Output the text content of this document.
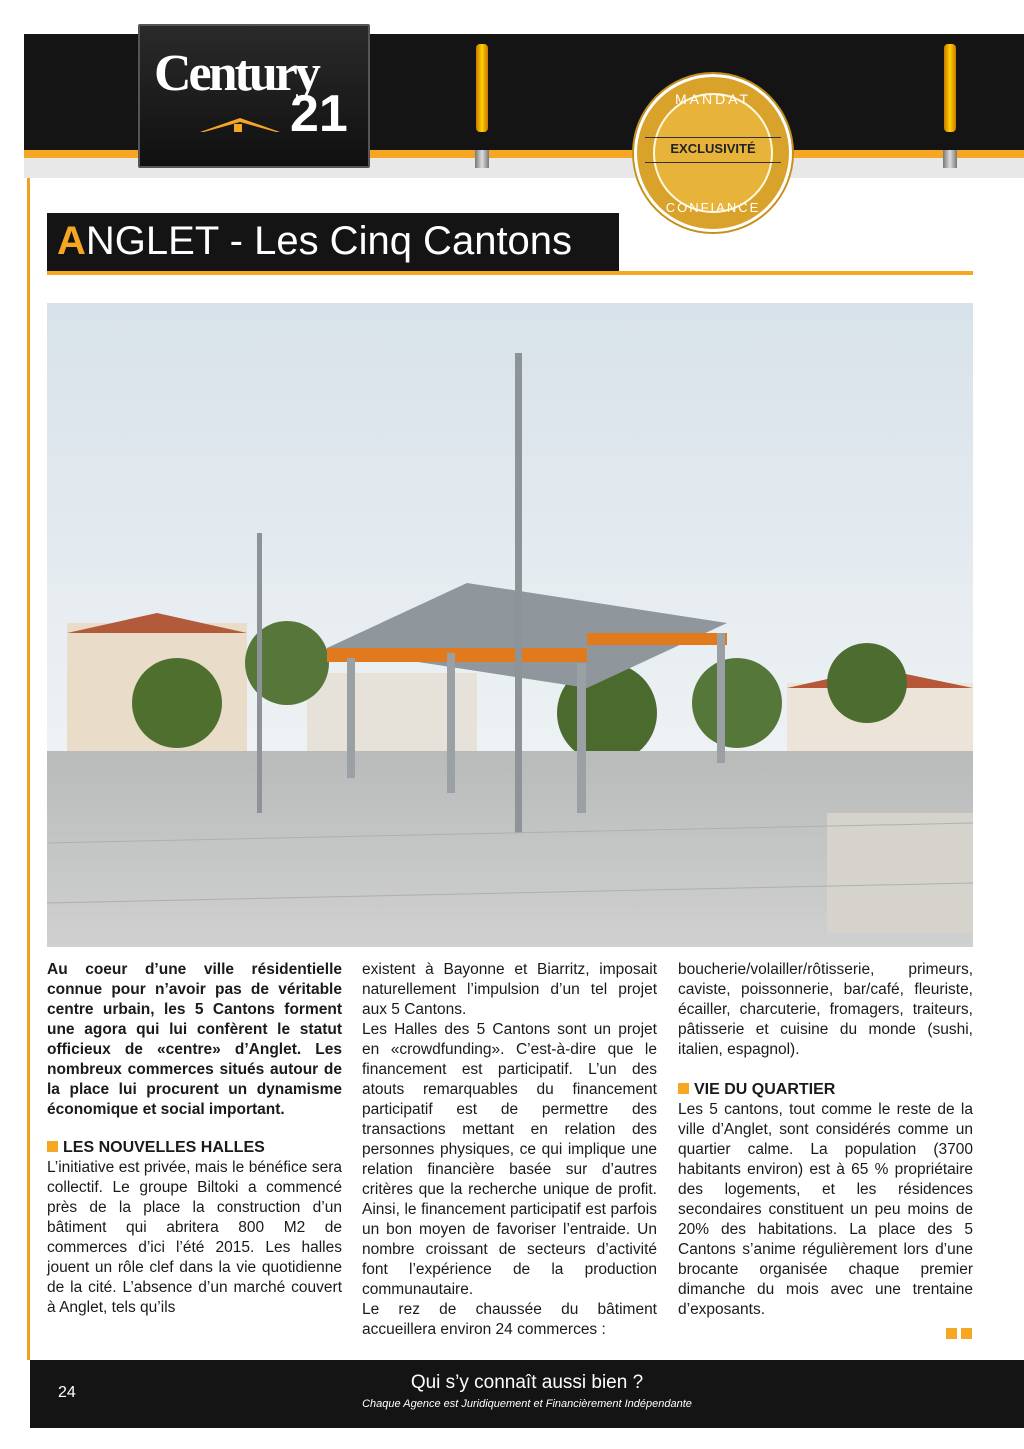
Century
21	MANDAT
EXCLUSIVITÉ
CONFIANCE
ANGLET - Les Cinq Cantons

Au coeur d’une ville résidentielle connue pour n’avoir pas de véritable centre urbain, les 5 Cantons forment une agora qui lui confèrent le statut officieux de «centre» d’Anglet. Les nombreux commerces situés autour de la place lui procurent un dynamisme économique et social important.

LES NOUVELLES HALLES

L’initiative est privée, mais le bénéfice sera collectif. Le groupe Biltoki a commencé près de la place la construction d’un bâtiment qui abritera 800 M2 de commerces d’ici l’été 2015. Les halles jouent un rôle clef dans la vie quotidienne de la cité. L’absence d’un marché couvert à Anglet, tels qu’ils

existent à Bayonne et Biarritz, imposait naturellement l’impulsion d’un tel projet aux 5 Cantons.

Les Halles des 5 Cantons sont un projet en «crowdfunding». C’est-à-dire que le financement est participatif. L’un des atouts remarquables du financement participatif est de permettre des transactions mettant en relation des personnes physiques, ce qui implique une relation financière basée sur d’autres critères que la recherche unique de profit. Ainsi, le financement participatif est parfois un bon moyen de favoriser l’entraide. Un nombre croissant de secteurs d’activité font l’expérience de la production communautaire.

Le rez de chaussée du bâtiment accueillera environ 24 commerces :

boucherie/volailler/rôtisserie, primeurs, caviste, poissonnerie, bar/café, fleuriste, écailler, charcuterie, fromagers, traiteurs, pâtisserie et cuisine du monde (sushi, italien, espagnol).

VIE DU QUARTIER

Les 5 cantons, tout comme le reste de la ville d’Anglet, sont considérés comme un quartier calme. La population (3700 habitants environ) est à 65 % propriétaire des logements, et les résidences secondaires constituent un peu moins de 20% des habitations. La place des 5 Cantons s’anime régulièrement lors d’une brocante organisée chaque premier dimanche du mois avec une trentaine d’exposants.

24	Qui s’y connaît aussi bien ?
Chaque Agence est Juridiquement et Financièrement Indépendante
